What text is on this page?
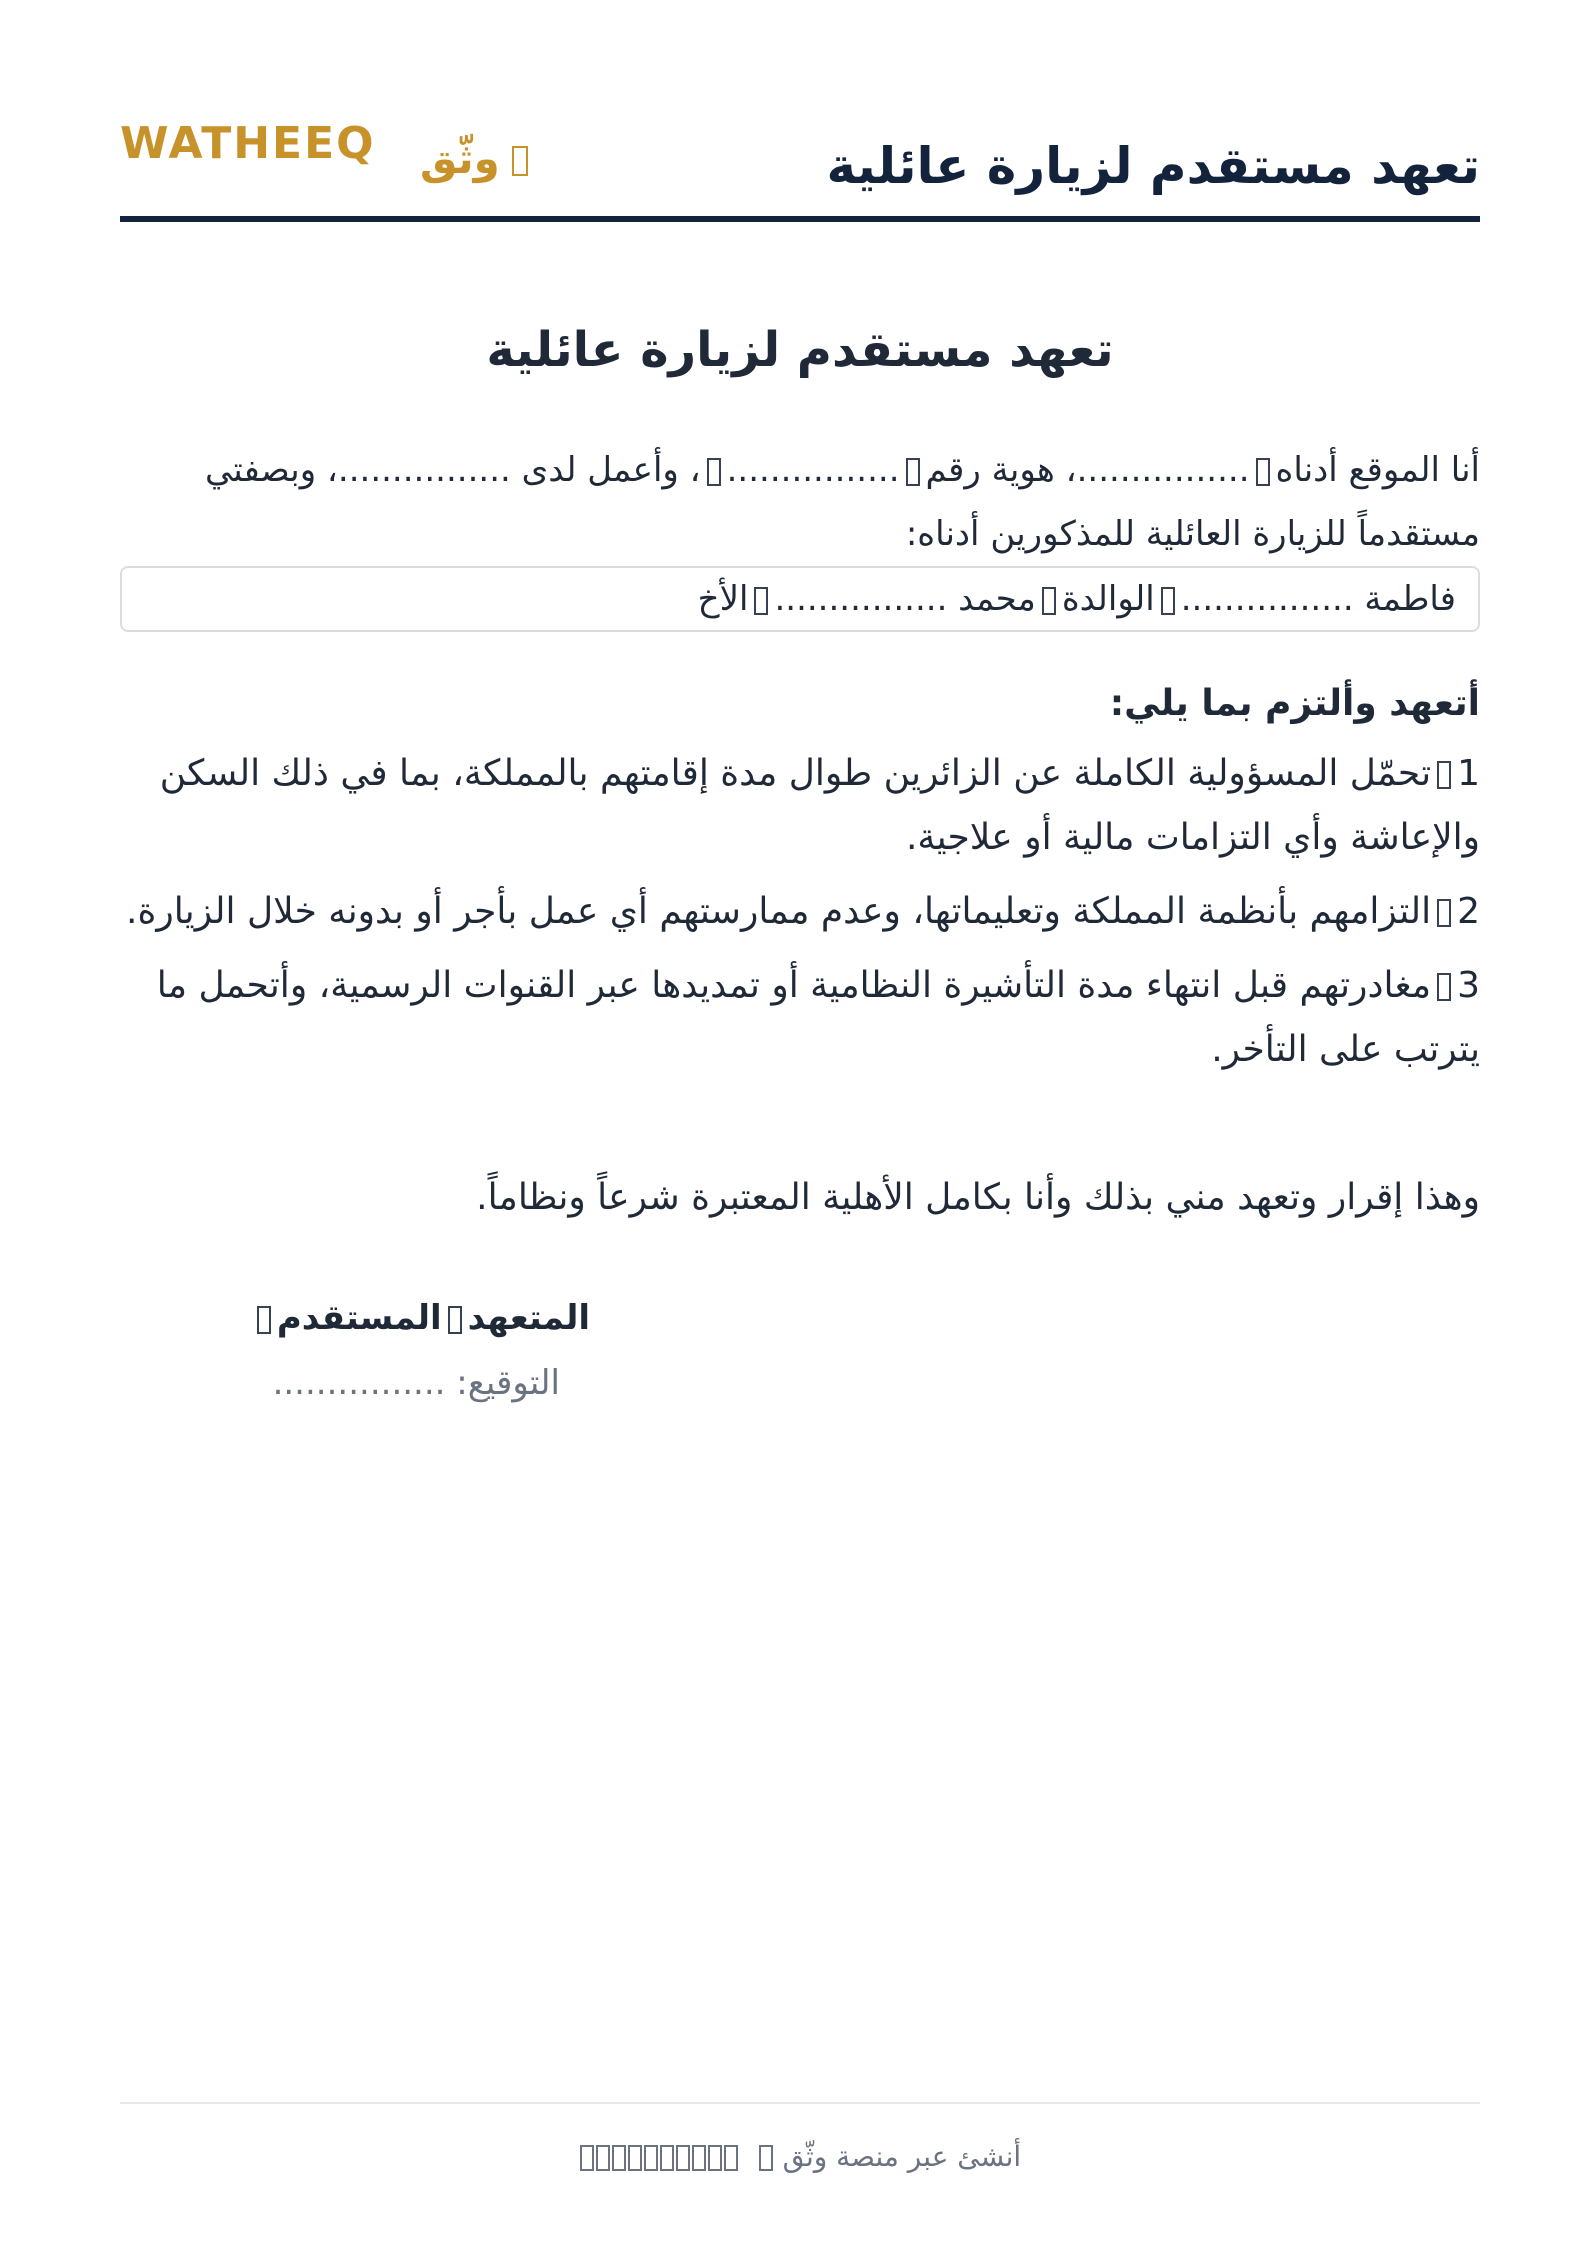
تعهد مستقدم لزيارة عائلية
WATHEEQ وثّق
تعهد مستقدم لزيارة عائلية

أنا الموقع أدناه................، هوية رقم................، وأعمل لدى ................، وبصفتي مستقدماً للزيارة العائلية للمذكورين أدناه:

فاطمة ................الوالدةمحمد ................الأخ
أتعهد وألتزم بما يلي:
1تحمّل المسؤولية الكاملة عن الزائرين طوال مدة إقامتهم بالمملكة، بما في ذلك السكن والإعاشة وأي التزامات مالية أو علاجية.
2التزامهم بأنظمة المملكة وتعليماتها، وعدم ممارستهم أي عمل بأجر أو بدونه خلال الزيارة.
3مغادرتهم قبل انتهاء مدة التأشيرة النظامية أو تمديدها عبر القنوات الرسمية، وأتحمل ما يترتب على التأخر.

وهذا إقرار وتعهد مني بذلك وأنا بكامل الأهلية المعتبرة شرعاً ونظاماً.

المتعهدالمستقدم
التوقيع: ................
أنشئ عبر منصة وثّق
